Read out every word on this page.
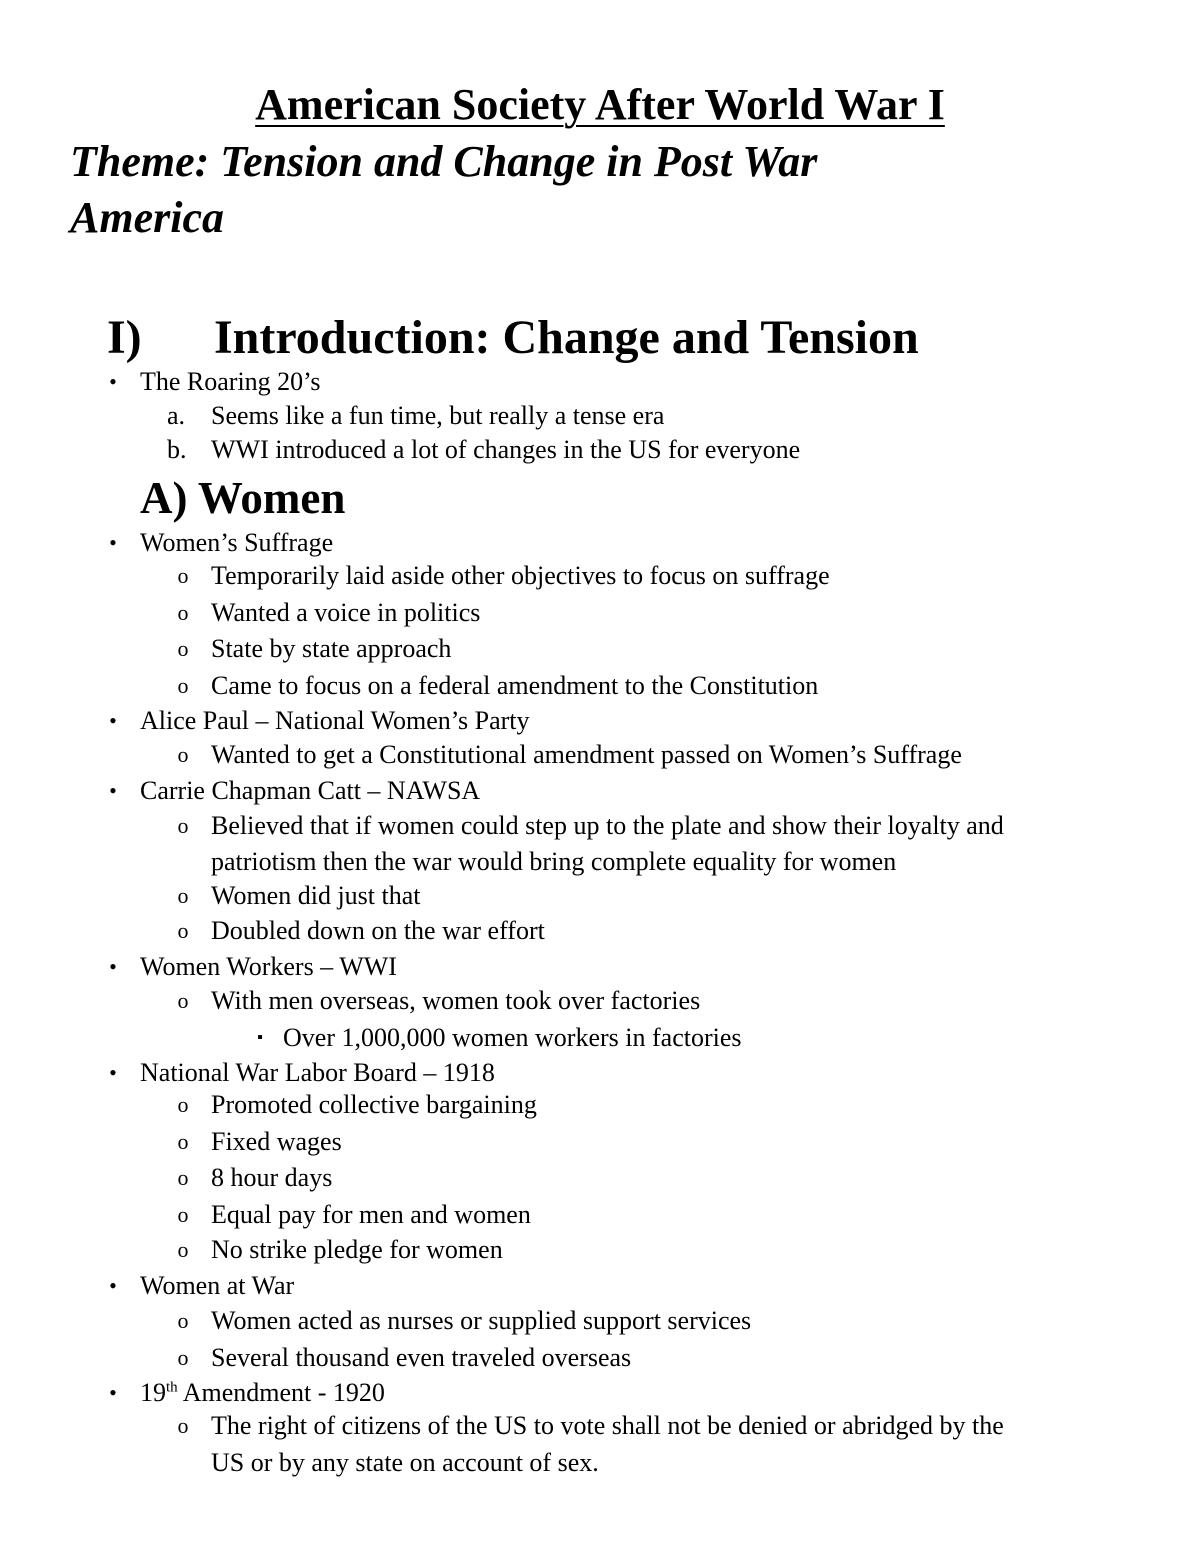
American Society After World War I
Theme: Tension and Change in Post War
America
I) Introduction: Change and Tension
• The Roaring 20’s
a. Seems like a fun time, but really a tense era
b. WWI introduced a lot of changes in the US for everyone
A) Women
• Women’s Suffrage
o Temporarily laid aside other objectives to focus on suffrage
o Wanted a voice in politics
o State by state approach
o Came to focus on a federal amendment to the Constitution
• Alice Paul – National Women’s Party
o Wanted to get a Constitutional amendment passed on Women’s Suffrage
• Carrie Chapman Catt – NAWSA
o Believed that if women could step up to the plate and show their loyalty and
patriotism then the war would bring complete equality for women
o Women did just that
o Doubled down on the war effort
• Women Workers – WWI
o With men overseas, women took over factories
▪ Over 1,000,000 women workers in factories
• National War Labor Board – 1918
o Promoted collective bargaining
o Fixed wages
o 8 hour days
o Equal pay for men and women
o No strike pledge for women
• Women at War
o Women acted as nurses or supplied support services
o Several thousand even traveled overseas
• 19th Amendment - 1920
o The right of citizens of the US to vote shall not be denied or abridged by the
US or by any state on account of sex.
